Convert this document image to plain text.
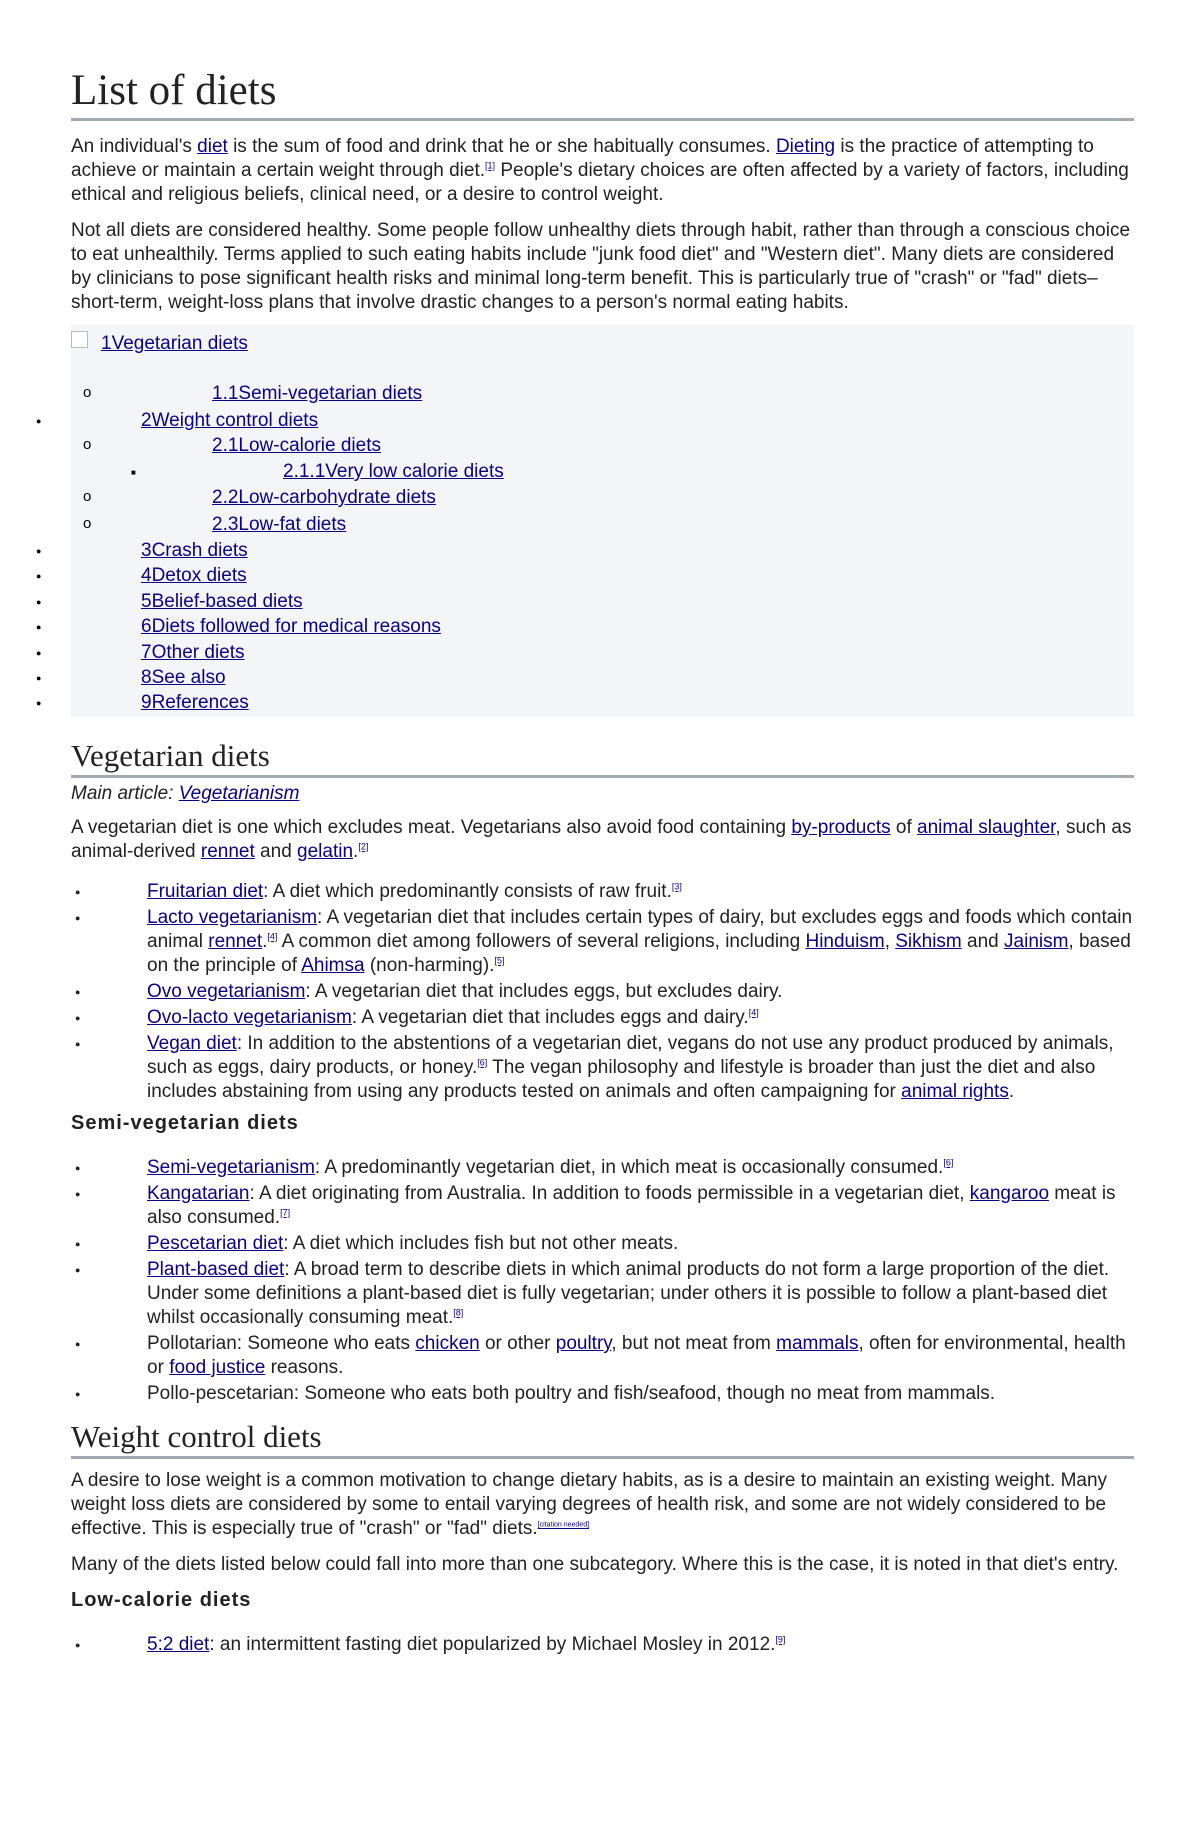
List of diets

An individual's diet is the sum of food and drink that he or she habitually consumes. Dieting is the practice of attempting to achieve or maintain a certain weight through diet.[1] People's dietary choices are often affected by a variety of factors, including ethical and religious beliefs, clinical need, or a desire to control weight.

Not all diets are considered healthy. Some people follow unhealthy diets through habit, rather than through a conscious choice to eat unhealthily. Terms applied to such eating habits include "junk food diet" and "Western diet". Many diets are considered by clinicians to pose significant health risks and minimal long-term benefit. This is particularly true of "crash" or "fad" diets–short-term, weight-loss plans that involve drastic changes to a person's normal eating habits.

1Vegetarian diets
o
1.1Semi-vegetarian diets
●
2Weight control diets
o
2.1Low-calorie diets
■
2.1.1Very low calorie diets
o
2.2Low-carbohydrate diets
o
2.3Low-fat diets
●
3Crash diets
●
4Detox diets
●
5Belief-based diets
●
6Diets followed for medical reasons
●
7Other diets
●
8See also
●
9References
Vegetarian diets

Main article: Vegetarianism

A vegetarian diet is one which excludes meat. Vegetarians also avoid food containing by-products of animal slaughter, such as animal-derived rennet and gelatin.[2]

●	Fruitarian diet: A diet which predominantly consists of raw fruit.[3]
●	Lacto vegetarianism: A vegetarian diet that includes certain types of dairy, but excludes eggs and foods which contain animal rennet.[4] A common diet among followers of several religions, including Hinduism, Sikhism and Jainism, based on the principle of Ahimsa (non-harming).[5]
●	Ovo vegetarianism: A vegetarian diet that includes eggs, but excludes dairy.
●	Ovo-lacto vegetarianism: A vegetarian diet that includes eggs and dairy.[4]
●	Vegan diet: In addition to the abstentions of a vegetarian diet, vegans do not use any product produced by animals, such as eggs, dairy products, or honey.[6] The vegan philosophy and lifestyle is broader than just the diet and also includes abstaining from using any products tested on animals and often campaigning for animal rights.
Semi-vegetarian diets
●	Semi-vegetarianism: A predominantly vegetarian diet, in which meat is occasionally consumed.[6]
●	Kangatarian: A diet originating from Australia. In addition to foods permissible in a vegetarian diet, kangaroo meat is also consumed.[7]
●	Pescetarian diet: A diet which includes fish but not other meats.
●	Plant-based diet: A broad term to describe diets in which animal products do not form a large proportion of the diet. Under some definitions a plant-based diet is fully vegetarian; under others it is possible to follow a plant-based diet whilst occasionally consuming meat.[8]
●	Pollotarian: Someone who eats chicken or other poultry, but not meat from mammals, often for environmental, health or food justice reasons.
●	Pollo-pescetarian: Someone who eats both poultry and fish/seafood, though no meat from mammals.
Weight control diets

A desire to lose weight is a common motivation to change dietary habits, as is a desire to maintain an existing weight. Many weight loss diets are considered by some to entail varying degrees of health risk, and some are not widely considered to be effective. This is especially true of "crash" or "fad" diets.[citation needed]

Many of the diets listed below could fall into more than one subcategory. Where this is the case, it is noted in that diet's entry.

Low-calorie diets
●	5:2 diet: an intermittent fasting diet popularized by Michael Mosley in 2012.[9]
